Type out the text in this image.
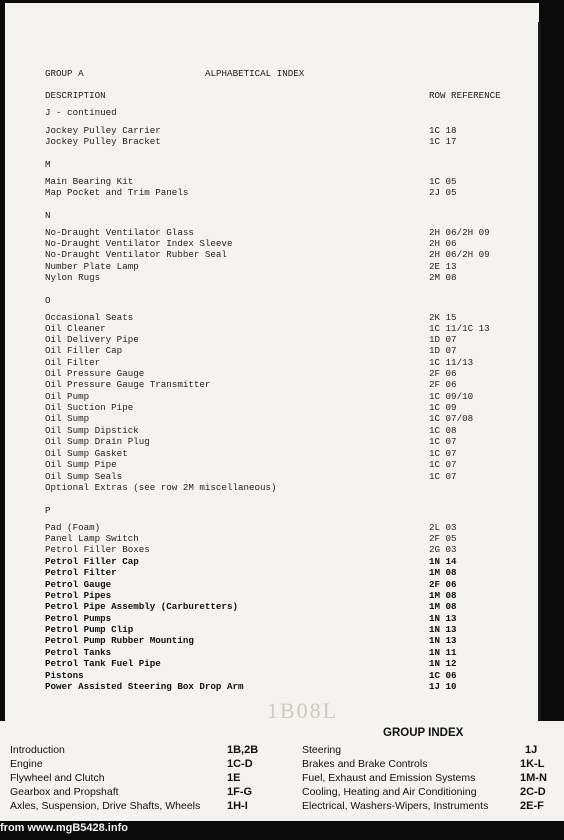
GROUP A	ALPHABETICAL INDEX
DESCRIPTION	ROW REFERENCE
J - continued
Jockey Pulley Carrier	1C 18
Jockey Pulley Bracket	1C 17
M
Main Bearing Kit	1C 05
Map Pocket and Trim Panels	2J 05
N
No-Draught Ventilator Glass	2H 06/2H 09
No-Draught Ventilator Index Sleeve	2H 06
No-Draught Ventilator Rubber Seal	2H 06/2H 09
Number Plate Lamp	2E 13
Nylon Rugs	2M 08
O
Occasional Seats	2K 15
Oil Cleaner	1C 11/1C 13
Oil Delivery Pipe	1D 07
Oil Filler Cap	1D 07
Oil Filter	1C 11/13
Oil Pressure Gauge	2F 06
Oil Pressure Gauge Transmitter	2F 06
Oil Pump	1C 09/10
Oil Suction Pipe	1C 09
Oil Sump	1C 07/08
Oil Sump Dipstick	1C 08
Oil Sump Drain Plug	1C 07
Oil Sump Gasket	1C 07
Oil Sump Pipe	1C 07
Oil Sump Seals	1C 07
Optional Extras (see row 2M miscellaneous)
P
Pad (Foam)	2L 03
Panel Lamp Switch	2F 05
Petrol Filler Boxes	2G 03
Petrol Filler Cap	1N 14
Petrol Filter	1M 08
Petrol Gauge	2F 06
Petrol Pipes	1M 08
Petrol Pipe Assembly (Carburetters)	1M 08
Petrol Pumps	1N 13
Petrol Pump Clip	1N 13
Petrol Pump Rubber Mounting	1N 13
Petrol Tanks	1N 11
Petrol Tank Fuel Pipe	1N 12
Pistons	1C 06
Power Assisted Steering Box Drop Arm	1J 10
1B08L
GROUP INDEX
Introduction	1B,2B
Engine	1C-D
Flywheel and Clutch	1E
Gearbox and Propshaft	1F-G
Axles, Suspension, Drive Shafts, Wheels 1H-I
Steering	1J
Brakes and Brake Controls	1K-L
Fuel, Exhaust and Emission Systems	1M-N
Cooling, Heating and Air Conditioning	2C-D
Electrical, Washers-Wipers, Instruments	2E-F
from www.mgB5428.info
